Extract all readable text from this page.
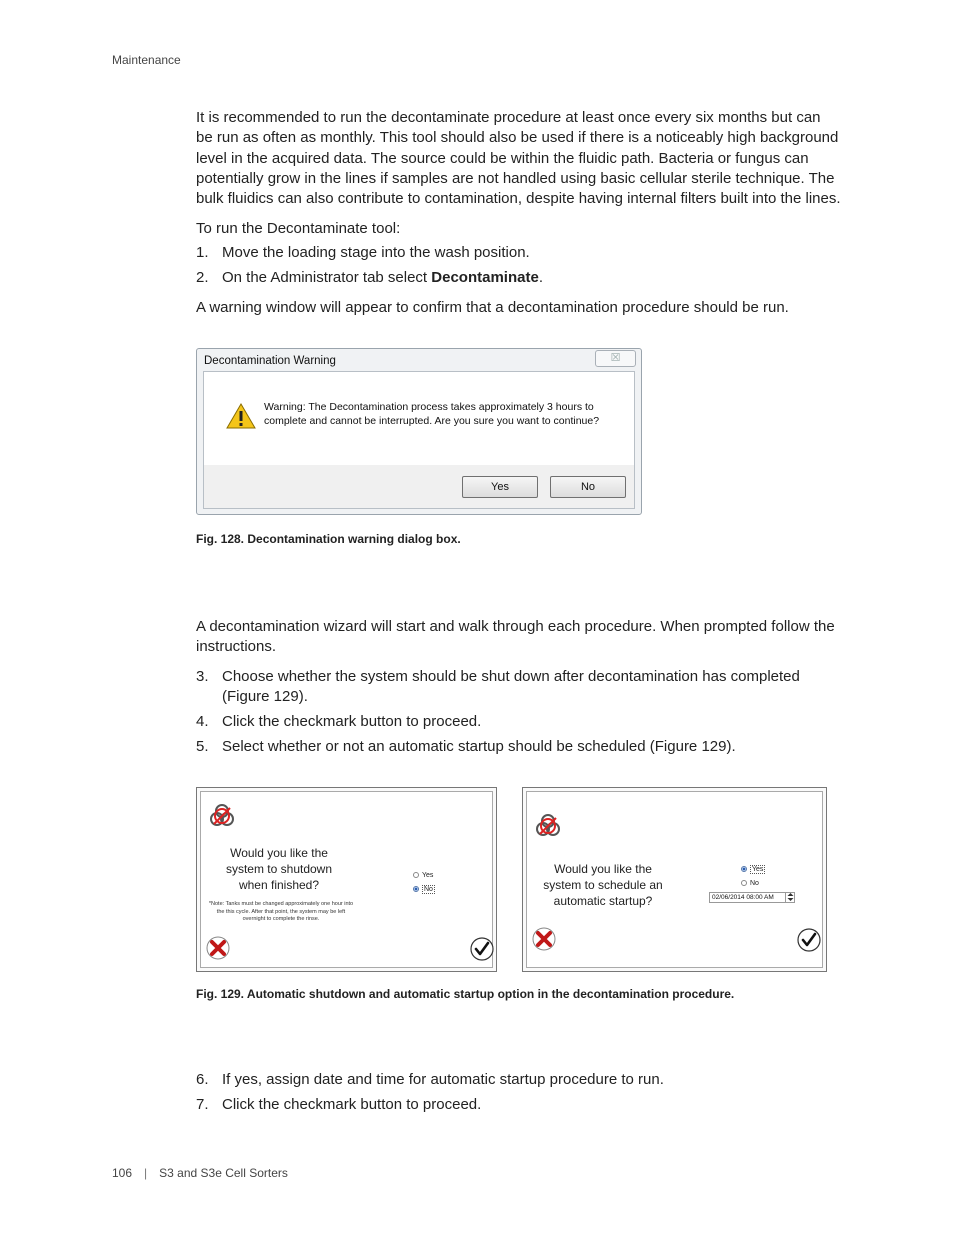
Maintenance
It is recommended to run the decontaminate procedure at least once every six months but can be run as often as monthly. This tool should also be used if there is a noticeably high background level in the acquired data. The source could be within the fluidic path. Bacteria or fungus can potentially grow in the lines if samples are not handled using basic cellular sterile technique. The bulk fluidics can also contribute to contamination, despite having internal filters built into the lines.
To run the Decontaminate tool:
1. Move the loading stage into the wash position.
2. On the Administrator tab select Decontaminate.
A warning window will appear to confirm that a decontamination procedure should be run.
Decontamination Warning	☒
Warning: The Decontamination process takes approximately 3 hours to complete and cannot be interrupted. Are you sure you want to continue?
Yes	No
Fig. 128. Decontamination warning dialog box.
A decontamination wizard will start and walk through each procedure. When prompted follow the instructions.
3. Choose whether the system should be shut down after decontamination has completed (Figure 129).
4. Click the checkmark button to proceed.
5. Select whether or not an automatic startup should be scheduled (Figure 129).
Would you like the system to shutdown when finished?
*Note: Tanks must be changed approximately one hour into the this cycle. After that point, the system may be left overnight to complete the rinse.
Yes
No
Would you like the system to schedule an automatic startup?
Yes
No
02/06/2014 08:00 AM
Fig. 129. Automatic shutdown and automatic startup option in the decontamination procedure.
6. If yes, assign date and time for automatic startup procedure to run.
7. Click the checkmark button to proceed.
106 | S3 and S3e Cell Sorters
